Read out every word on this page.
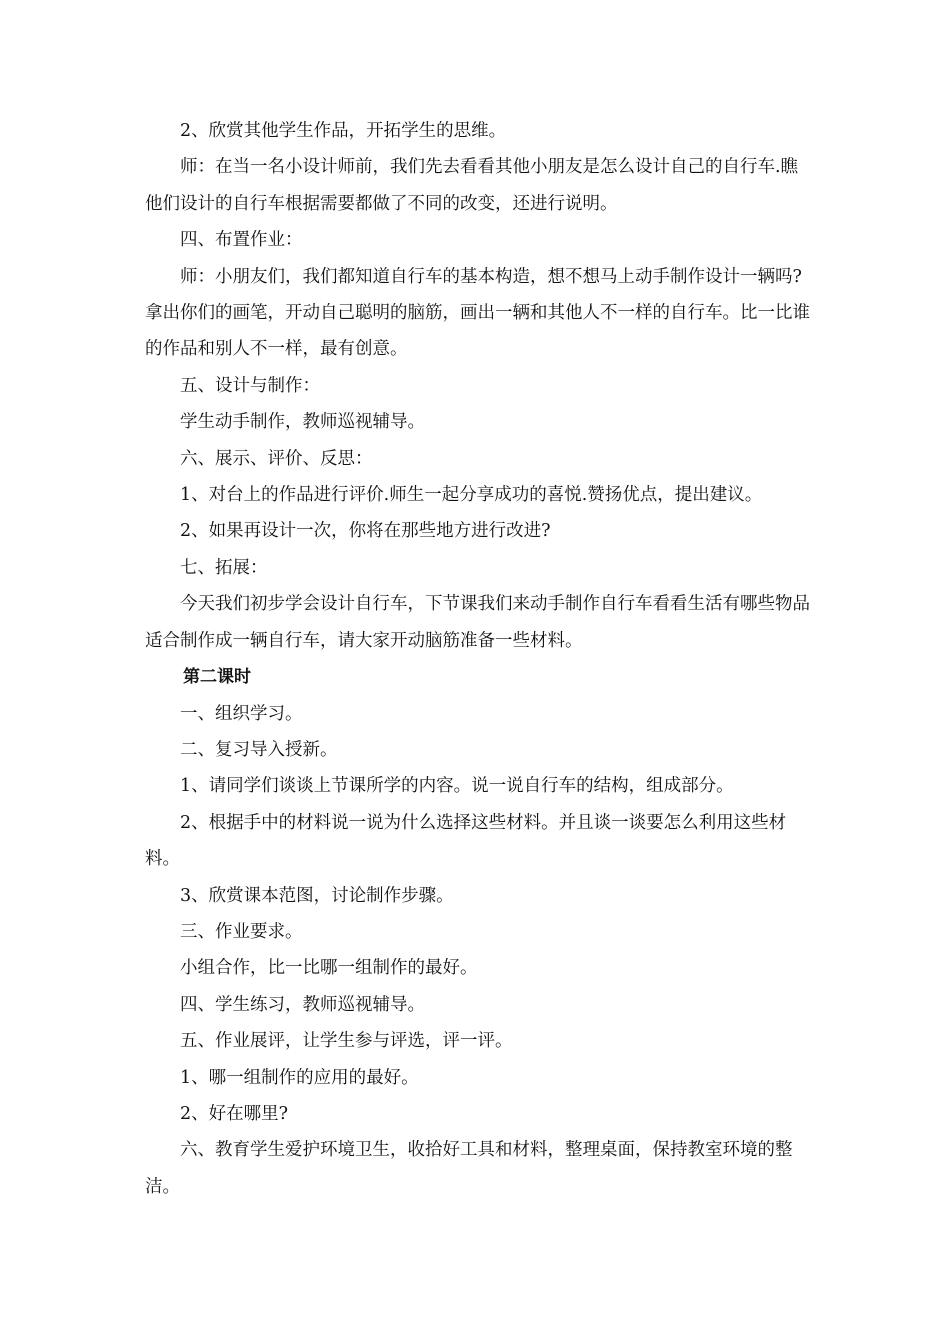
2、欣赏其他学生作品，开拓学生的思维。

师：在当一名小设计师前，我们先去看看其他小朋友是怎么设计自己的自行车.瞧他们设计的自行车根据需要都做了不同的改变，还进行说明。

四、布置作业：

师：小朋友们，我们都知道自行车的基本构造，想不想马上动手制作设计一辆吗?拿出你们的画笔，开动自己聪明的脑筋，画出一辆和其他人不一样的自行车。比一比谁的作品和别人不一样，最有创意。

五、设计与制作：

学生动手制作，教师巡视辅导。

六、展示、评价、反思：

1、对台上的作品进行评价.师生一起分享成功的喜悦.赞扬优点，提出建议。

2、如果再设计一次，你将在那些地方进行改进?

七、拓展：

今天我们初步学会设计自行车，下节课我们来动手制作自行车看看生活有哪些物品适合制作成一辆自行车，请大家开动脑筋准备一些材料。

第二课时

一、组织学习。

二、复习导入授新。

1、请同学们谈谈上节课所学的内容。说一说自行车的结构，组成部分。

2、根据手中的材料说一说为什么选择这些材料。并且谈一谈要怎么利用这些材料。

3、欣赏课本范图，讨论制作步骤。

三、作业要求。

小组合作，比一比哪一组制作的最好。

四、学生练习，教师巡视辅导。

五、作业展评，让学生参与评选，评一评。

1、哪一组制作的应用的最好。

2、好在哪里?

六、教育学生爱护环境卫生，收拾好工具和材料，整理桌面，保持教室环境的整洁。
